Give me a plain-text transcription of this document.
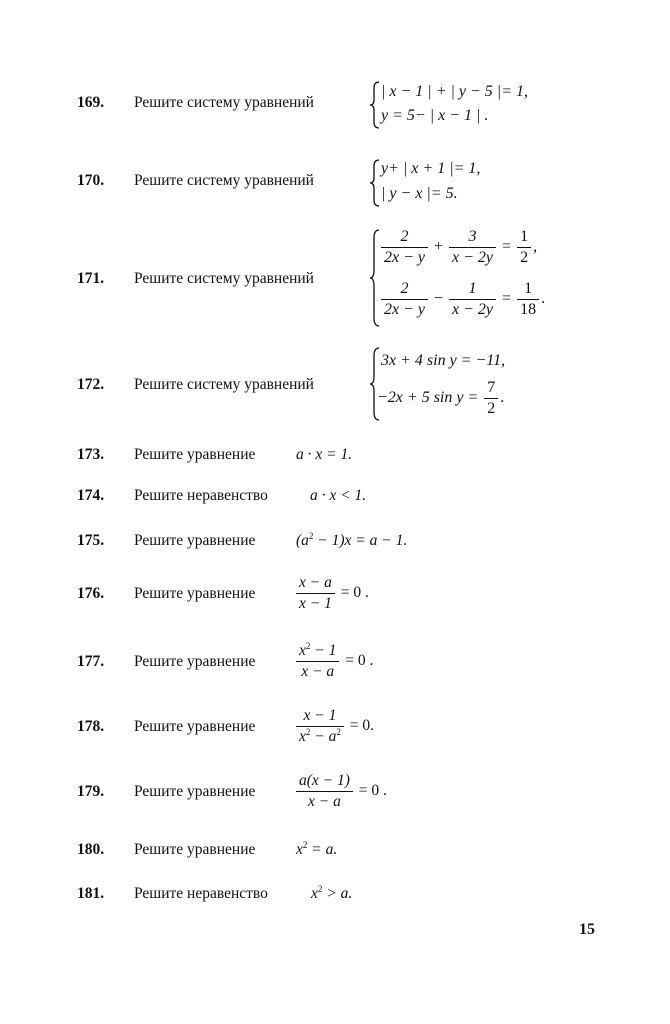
169. Решите систему уравнений
| x − 1 | + | y − 5 |= 1,
y = 5− | x − 1 | .
170. Решите систему уравнений
y+ | x + 1 |= 1,
| y − x |= 5.
171. Решите систему уравнений
$\frac{2}{2x - y} + \frac{3}{x - 2y} = \frac{1}{2}$ ,
$\frac{2}{2x - y} - \frac{1}{x - 2y} = \frac{1}{18}$ .
172. Решите систему уравнений
3x + 4 sin y = −11,
−2x + 5 $\sin y = \frac{7}{2}$ .
173. Решите уравнение	a · x = 1.
174. Решите неравенство	a · x < 1.
175. Решите уравнение	$(a^2 - 1)x = a - 1$.
176. Решите уравнение	$\frac{x - a}{x - 1} = 0$ .
177. Решите уравнение	$\frac{x^2 - 1}{x - a} = 0$ .
178. Решите уравнение	$\frac{x - 1}{x^2 - a^2} = 0$.
179. Решите уравнение	$\frac{a(x - 1)}{x - a} = 0$ .
180. Решите уравнение	$x^2 = a$.
181. Решите неравенство	$x^2 > a$.
15
